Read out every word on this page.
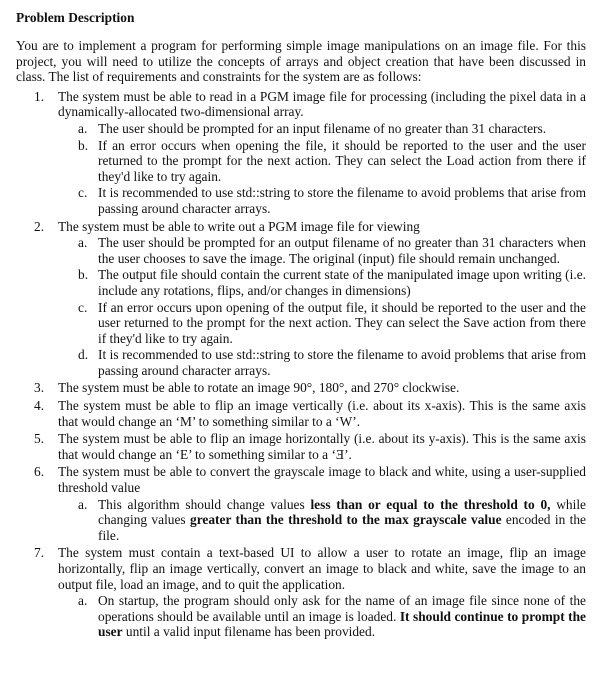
Problem Description
You are to implement a program for performing simple image manipulations on an image file. For this project, you will need to utilize the concepts of arrays and object creation that have been discussed in class. The list of requirements and constraints for the system are as follows:
1. The system must be able to read in a PGM image file for processing (including the pixel data in a dynamically-allocated two-dimensional array.
a. The user should be prompted for an input filename of no greater than 31 characters.
b. If an error occurs when opening the file, it should be reported to the user and the user returned to the prompt for the next action. They can select the Load action from there if they'd like to try again.
c. It is recommended to use std::string to store the filename to avoid problems that arise from passing around character arrays.
2. The system must be able to write out a PGM image file for viewing
a. The user should be prompted for an output filename of no greater than 31 characters when the user chooses to save the image. The original (input) file should remain unchanged.
b. The output file should contain the current state of the manipulated image upon writing (i.e. include any rotations, flips, and/or changes in dimensions)
c. If an error occurs upon opening of the output file, it should be reported to the user and the user returned to the prompt for the next action. They can select the Save action from there if they'd like to try again.
d. It is recommended to use std::string to store the filename to avoid problems that arise from passing around character arrays.
3. The system must be able to rotate an image 90°, 180°, and 270° clockwise.
4. The system must be able to flip an image vertically (i.e. about its x-axis). This is the same axis that would change an ‘M’ to something similar to a ‘W’.
5. The system must be able to flip an image horizontally (i.e. about its y-axis). This is the same axis that would change an ‘E’ to something similar to a ‘Ǝ’.
6. The system must be able to convert the grayscale image to black and white, using a user-supplied threshold value
a. This algorithm should change values less than or equal to the threshold to 0, while changing values greater than the threshold to the max grayscale value encoded in the file.
7. The system must contain a text-based UI to allow a user to rotate an image, flip an image horizontally, flip an image vertically, convert an image to black and white, save the image to an output file, load an image, and to quit the application.
a. On startup, the program should only ask for the name of an image file since none of the operations should be available until an image is loaded. It should continue to prompt the user until a valid input filename has been provided.
